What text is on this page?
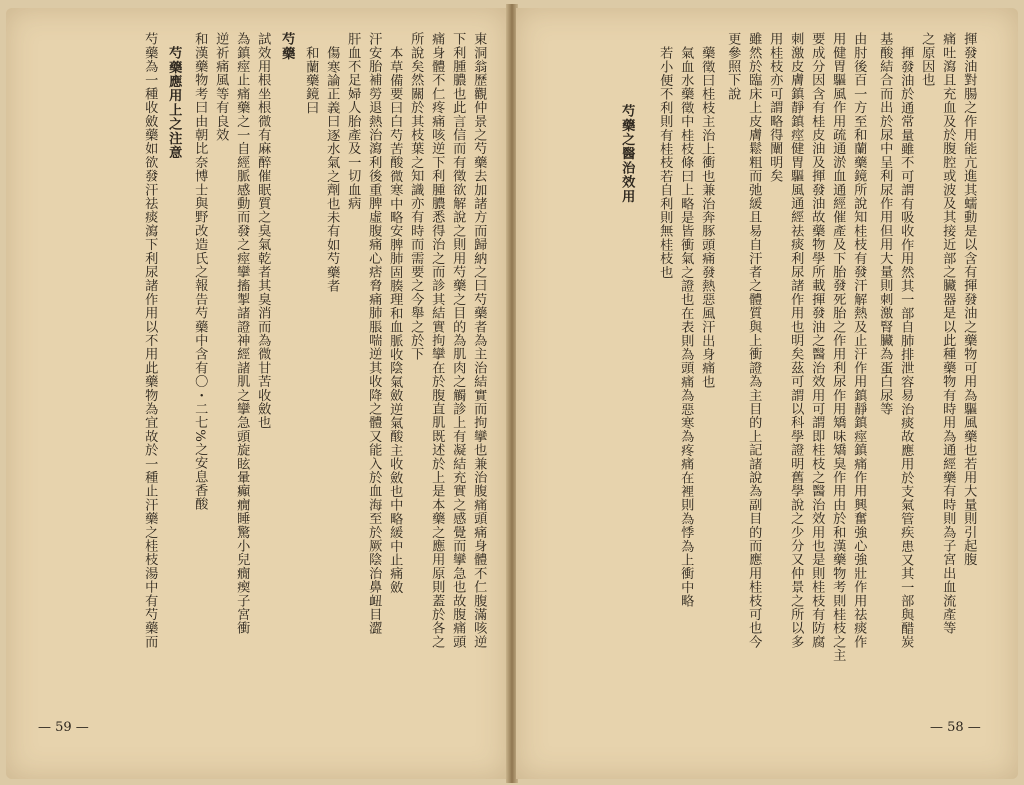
揮發油對腸之作用能亢進其蠕動是以含有揮發油之藥物可用為驅風藥也若用大量則引起腹
痛吐瀉且充血及於腹腔或波及其接近部之臟器是以此種藥物有時用為通經藥有時則為子宮出血流產等
之原因也
揮發油於通常量雖不可謂有吸收作用然其一部自肺排泄容易治痰故應用於支氣管疾患又其一部與醋炭
基酸結合而出於尿中呈利尿作用但用大量則刺激腎臟為蛋白尿等
由肘後百一方至和蘭藥鏡所說知桂枝有發汗解熱及止汗作用鎮靜鎮痙鎮痛作用興奮強心強壯作用祛痰作
用健胃驅風作用疏通淤血通經催產及下胎發死胎之作用利尿作用矯味矯臭作用由於和漢藥物考則桂枝之主
要成分因含有桂皮油及揮發油故藥物學所載揮發油之醫治效用可謂即桂枝之醫治效用也是則桂枝有防腐
刺激皮膚鎮靜鎮痙健胃驅風通經祛痰利尿諸作用也明矣茲可謂以科學證明舊學說之少分又仲景之所以多
用桂枝亦可謂略得闡明矣
雖然於臨床上皮膚鬆粗而弛緩且易自汗者之體質與上衝證為主目的上記諸說為副目的而應用桂枝可也今
更參照下說
藥徵曰桂枝主治上衝也兼治奔豚頭痛發熱惡風汗出身痛也
氣血水藥徵中桂枝條曰上略是皆衝氣之證也在表則為頭痛為惡寒為疼痛在裡則為悸為上衝中略
若小便不利則有桂枝若自利則無桂枝也
芍藥之醫治效用
東洞翁歷觀仲景之芍藥去加諸方而歸納之曰芍藥者為主治結實而拘攣也兼治腹痛頭痛身體不仁腹滿咳逆
下利腫膿也此言信而有徵欲解說之則用芍藥之目的為肌肉之觸診上有凝結充實之感覺而攣急也故腹痛頭
痛身體不仁疼痛咳逆下利腫膿悉得治之而診其結實拘攣在於腹直肌既述於上是本藥之應用原則蓋於各之
所說矣然關於其枝葉之知識亦有時而需要之今舉之於下
本草備要曰白芍苦酸微寒中略安脾肺固腠理和血脈收陰氣斂逆氣酸主收斂也中略緩中止痛斂
汗安胎補勞退熱治瀉利後重脾虛腹痛心痞脅痛肺脹喘逆其收降之體又能入於血海至於厥陰治鼻衄目澀
肝血不足婦人胎產及一切血病
傷寒論正義曰逐水氣之劑也未有如芍藥者
和蘭藥鏡曰
芍藥
試效用根坐根微有麻醉催眠質之臭氣乾者其臭消而為微甘苦收斂也
為鎮痙止痛藥之一自經脈感動而發之痙攣搐掣諸證神經諸肌之攣急頭旋眩暈癲癇睡驚小兒癇瘈子宮衝
逆祈痛風等有良效
和漢藥物考曰由朝比奈博士與野改造氏之報告芍藥中含有〇・二七%之安息香酸
芍藥應用上之注意
芍藥為一種收斂藥如欲發汗祛痰瀉下利尿諸作用以不用此藥物為宜故於一種止汗藥之桂枝湯中有芍藥而
— 59 —	— 58 —
